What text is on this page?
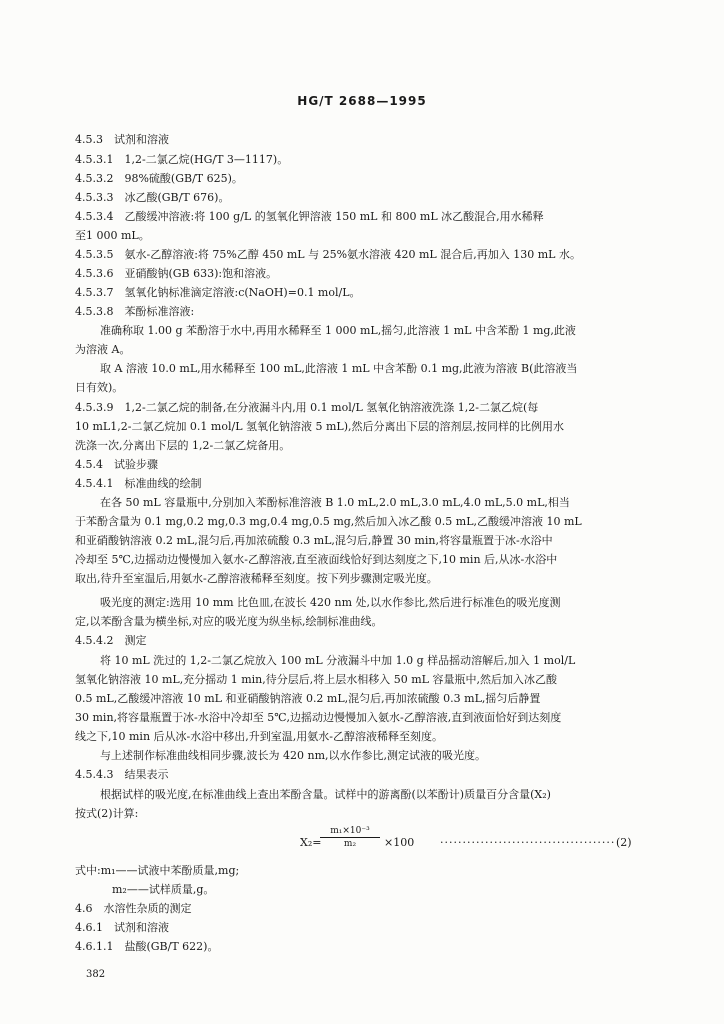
HG/T 2688—1995
4.5.3　试剂和溶液
4.5.3.1　1,2-二氯乙烷(HG/T 3—1117)。
4.5.3.2　98%硫酸(GB/T 625)。
4.5.3.3　冰乙酸(GB/T 676)。
4.5.3.4　乙酸缓冲溶液:将 100 g/L 的氢氧化钾溶液 150 mL 和 800 mL 冰乙酸混合,用水稀释
至1 000 mL。
4.5.3.5　氨水-乙醇溶液:将 75%乙醇 450 mL 与 25%氨水溶液 420 mL 混合后,再加入 130 mL 水。
4.5.3.6　亚硝酸钠(GB 633):饱和溶液。
4.5.3.7　氢氧化钠标准滴定溶液:c(NaOH)=0.1 mol/L。
4.5.3.8　苯酚标准溶液:
准确称取 1.00 g 苯酚溶于水中,再用水稀释至 1 000 mL,摇匀,此溶液 1 mL 中含苯酚 1 mg,此液
为溶液 A。
取 A 溶液 10.0 mL,用水稀释至 100 mL,此溶液 1 mL 中含苯酚 0.1 mg,此液为溶液 B(此溶液当
日有效)。
4.5.3.9　1,2-二氯乙烷的制备,在分液漏斗内,用 0.1 mol/L 氢氧化钠溶液洗涤 1,2-二氯乙烷(每
10 mL1,2-二氯乙烷加 0.1 mol/L 氢氧化钠溶液 5 mL),然后分离出下层的溶剂层,按同样的比例用水
洗涤一次,分离出下层的 1,2-二氯乙烷备用。
4.5.4　试验步骤
4.5.4.1　标准曲线的绘制
在各 50 mL 容量瓶中,分别加入苯酚标准溶液 B 1.0 mL,2.0 mL,3.0 mL,4.0 mL,5.0 mL,相当
于苯酚含量为 0.1 mg,0.2 mg,0.3 mg,0.4 mg,0.5 mg,然后加入冰乙酸 0.5 mL,乙酸缓冲溶液 10 mL
和亚硝酸钠溶液 0.2 mL,混匀后,再加浓硫酸 0.3 mL,混匀后,静置 30 min,将容量瓶置于冰-水浴中
冷却至 5℃,边摇动边慢慢加入氨水-乙醇溶液,直至液面线恰好到达刻度之下,10 min 后,从冰-水浴中
取出,待升至室温后,用氨水-乙醇溶液稀释至刻度。按下列步骤测定吸光度。
吸光度的测定:选用 10 mm 比色皿,在波长 420 nm 处,以水作参比,然后进行标准色的吸光度测
定,以苯酚含量为横坐标,对应的吸光度为纵坐标,绘制标准曲线。
4.5.4.2　测定
将 10 mL 洗过的 1,2-二氯乙烷放入 100 mL 分液漏斗中加 1.0 g 样品摇动溶解后,加入 1 mol/L
氢氧化钠溶液 10 mL,充分摇动 1 min,待分层后,将上层水相移入 50 mL 容量瓶中,然后加入冰乙酸
0.5 mL,乙酸缓冲溶液 10 mL 和亚硝酸钠溶液 0.2 mL,混匀后,再加浓硫酸 0.3 mL,摇匀后静置
30 min,将容量瓶置于冰-水浴中冷却至 5℃,边摇动边慢慢加入氨水-乙醇溶液,直到液面恰好到达刻度
线之下,10 min 后从冰-水浴中移出,升到室温,用氨水-乙醇溶液稀释至刻度。
与上述制作标准曲线相同步骤,波长为 420 nm,以水作参比,测定试液的吸光度。
4.5.4.3　结果表示
根据试样的吸光度,在标准曲线上查出苯酚含量。试样中的游离酚(以苯酚计)质量百分含量(X₂)
按式(2)计算:
X₂=
m₁×10⁻³
m₂	×100 ······································· (2)
式中:m₁——试液中苯酚质量,mg;
m₂——试样质量,g。
4.6　水溶性杂质的测定
4.6.1　试剂和溶液
4.6.1.1　盐酸(GB/T 622)。
382
